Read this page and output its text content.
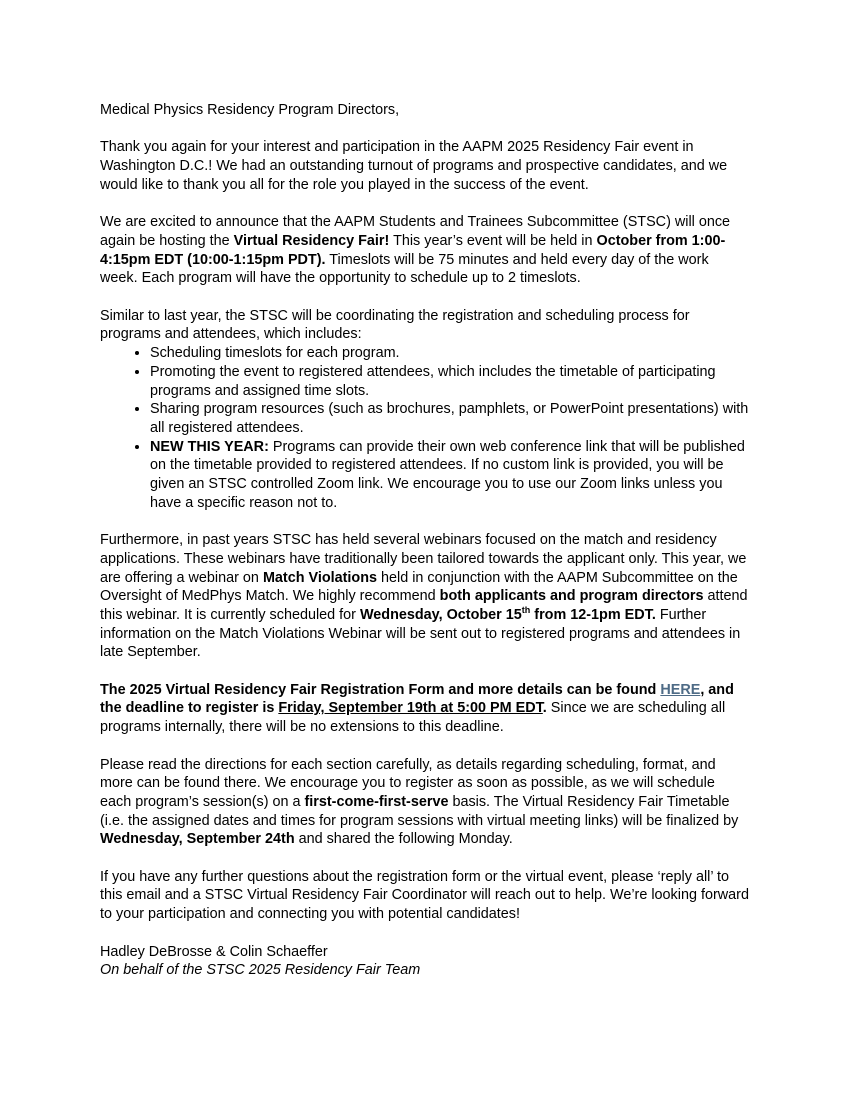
Medical Physics Residency Program Directors,

Thank you again for your interest and participation in the AAPM 2025 Residency Fair event in Washington D.C.! We had an outstanding turnout of programs and prospective candidates, and we would like to thank you all for the role you played in the success of the event.

We are excited to announce that the AAPM Students and Trainees Subcommittee (STSC) will once again be hosting the Virtual Residency Fair! This year’s event will be held in October from 1:00-4:15pm EDT (10:00-1:15pm PDT). Timeslots will be 75 minutes and held every day of the work week. Each program will have the opportunity to schedule up to 2 timeslots.

Similar to last year, the STSC will be coordinating the registration and scheduling process for programs and attendees, which includes:
• Scheduling timeslots for each program.
• Promoting the event to registered attendees, which includes the timetable of participating programs and assigned time slots.
• Sharing program resources (such as brochures, pamphlets, or PowerPoint presentations) with all registered attendees.
• NEW THIS YEAR: Programs can provide their own web conference link that will be published on the timetable provided to registered attendees. If no custom link is provided, you will be given an STSC controlled Zoom link. We encourage you to use our Zoom links unless you have a specific reason not to.

Furthermore, in past years STSC has held several webinars focused on the match and residency applications. These webinars have traditionally been tailored towards the applicant only. This year, we are offering a webinar on Match Violations held in conjunction with the AAPM Subcommittee on the Oversight of MedPhys Match. We highly recommend both applicants and program directors attend this webinar. It is currently scheduled for Wednesday, October 15th from 12-1pm EDT. Further information on the Match Violations Webinar will be sent out to registered programs and attendees in late September.

The 2025 Virtual Residency Fair Registration Form and more details can be found HERE, and the deadline to register is Friday, September 19th at 5:00 PM EDT. Since we are scheduling all programs internally, there will be no extensions to this deadline.

Please read the directions for each section carefully, as details regarding scheduling, format, and more can be found there. We encourage you to register as soon as possible, as we will schedule each program’s session(s) on a first-come-first-serve basis. The Virtual Residency Fair Timetable (i.e. the assigned dates and times for program sessions with virtual meeting links) will be finalized by Wednesday, September 24th and shared the following Monday.

If you have any further questions about the registration form or the virtual event, please ‘reply all’ to this email and a STSC Virtual Residency Fair Coordinator will reach out to help. We’re looking forward to your participation and connecting you with potential candidates!

Hadley DeBrosse & Colin Schaeffer
On behalf of the STSC 2025 Residency Fair Team
